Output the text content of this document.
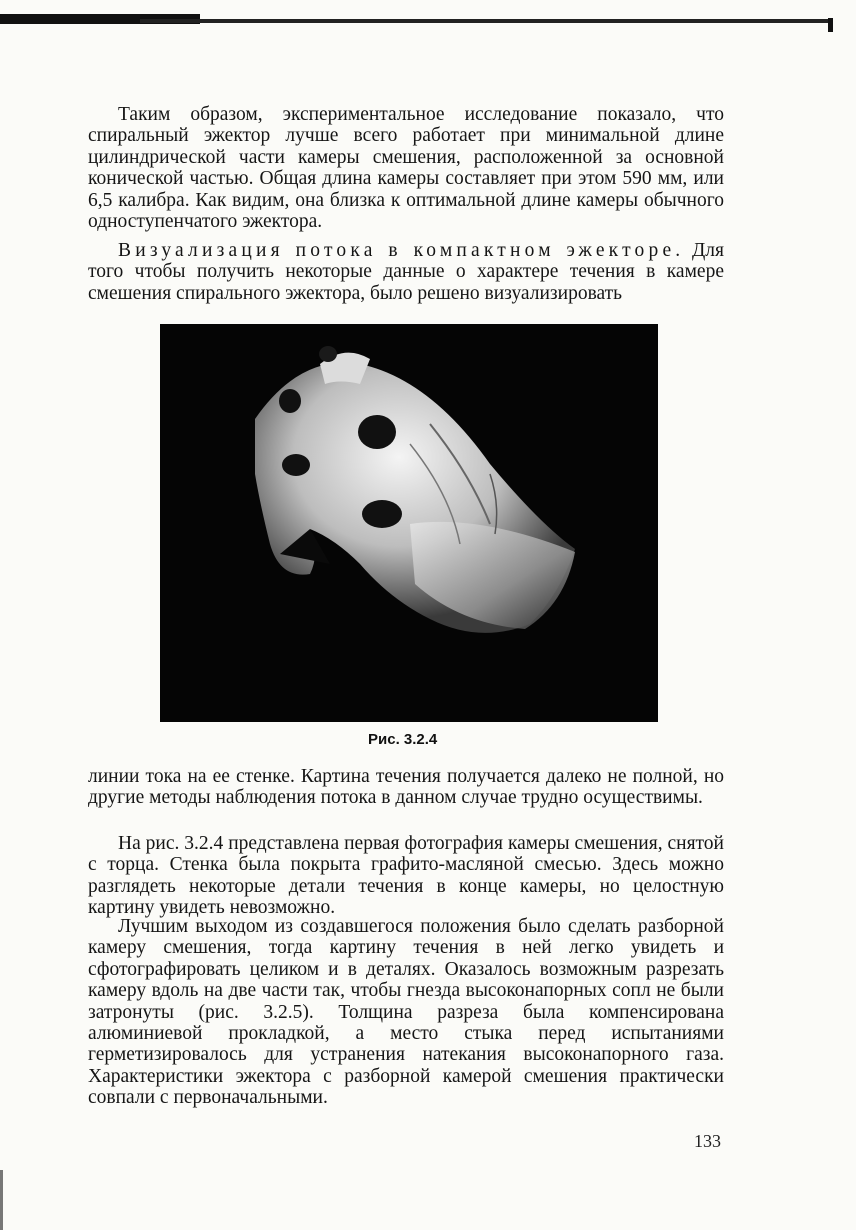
Таким образом, экспериментальное исследование показало, что спиральный эжектор лучше всего работает при минимальной длине цилиндрической части камеры смешения, расположенной за основной конической частью. Общая длина камеры составляет при этом 590 мм, или 6,5 калибра. Как видим, она близка к оптимальной длине камеры обычного одноступенчатого эжектора.

Визуализация потока в компактном эжекторе. Для того чтобы получить некоторые данные о характере течения в камере смешения спирального эжектора, было решено визуализировать

Рис. 3.2.4

линии тока на ее стенке. Картина течения получается далеко не полной, но другие методы наблюдения потока в данном случае трудно осуществимы.

На рис. 3.2.4 представлена первая фотография камеры смешения, снятой с торца. Стенка была покрыта графито-масляной смесью. Здесь можно разглядеть некоторые детали течения в конце камеры, но целостную картину увидеть невозможно.

Лучшим выходом из создавшегося положения было сделать разборной камеру смешения, тогда картину течения в ней легко увидеть и сфотографировать целиком и в деталях. Оказалось возможным разрезать камеру вдоль на две части так, чтобы гнезда высоконапорных сопл не были затронуты (рис. 3.2.5). Толщина разреза была компенсирована алюминиевой прокладкой, а место стыка перед испытаниями герметизировалось для устранения натекания высоконапорного газа. Характеристики эжектора с разборной камерой смешения практически совпали с первоначальными.

133
